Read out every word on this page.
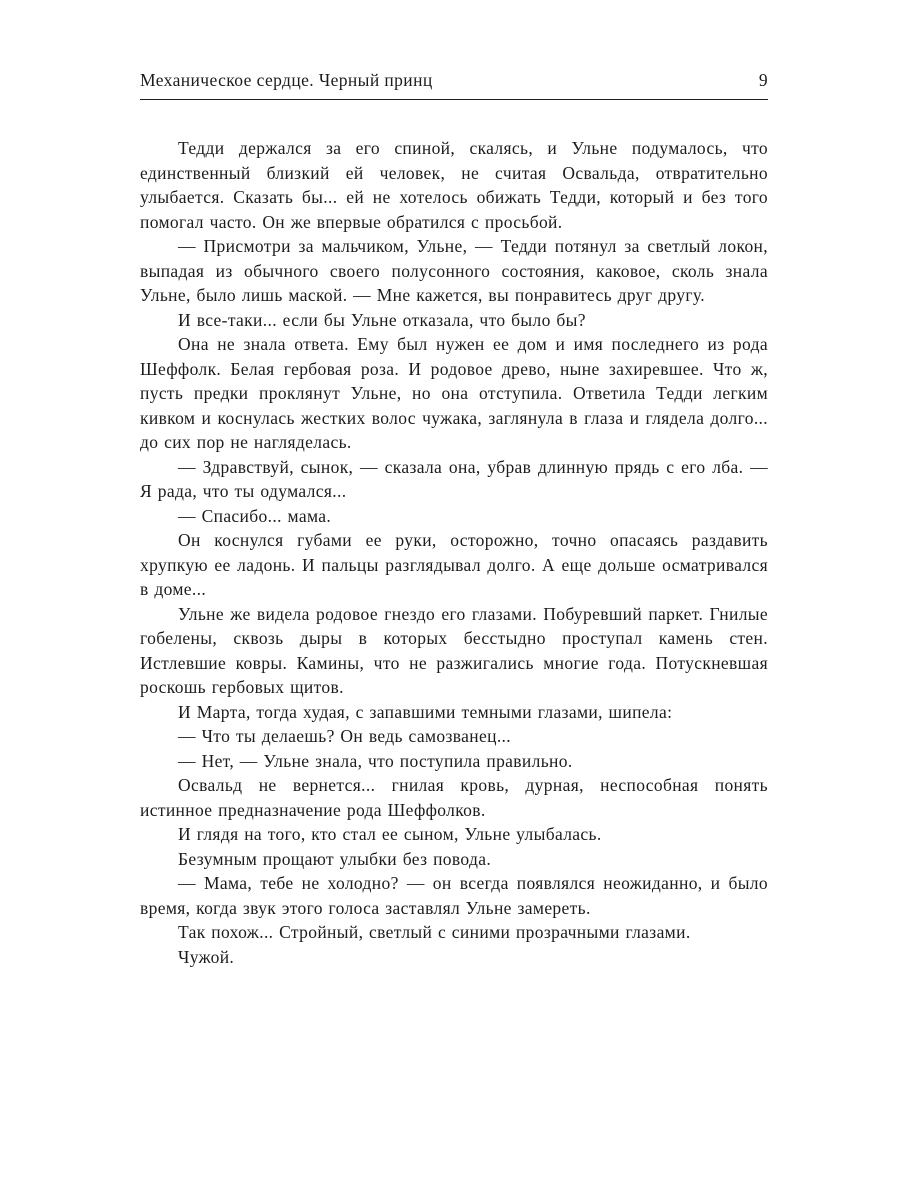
Механическое сердце. Черный принц	9

Тедди держался за его спиной, скалясь, и Ульне подумалось, что единственный близкий ей человек, не считая Освальда, отвратительно улыбается. Сказать бы... ей не хотелось обижать Тедди, который и без того помогал часто. Он же впервые обратился с просьбой.

— Присмотри за мальчиком, Ульне, — Тедди потянул за светлый локон, выпадая из обычного своего полусонного состояния, каковое, сколь знала Ульне, было лишь маской. — Мне кажется, вы понравитесь друг другу.

И все-таки... если бы Ульне отказала, что было бы?

Она не знала ответа. Ему был нужен ее дом и имя последнего из рода Шеффолк. Белая гербовая роза. И родовое древо, ныне захиревшее. Что ж, пусть предки проклянут Ульне, но она отступила. Ответила Тедди легким кивком и коснулась жестких волос чужака, заглянула в глаза и глядела долго... до сих пор не нагляделась.

— Здравствуй, сынок, — сказала она, убрав длинную прядь с его лба. — Я рада, что ты одумался...

— Спасибо... мама.

Он коснулся губами ее руки, осторожно, точно опасаясь раздавить хрупкую ее ладонь. И пальцы разглядывал долго. А еще дольше осматривался в доме...

Ульне же видела родовое гнездо его глазами. Побуревший паркет. Гнилые гобелены, сквозь дыры в которых бесстыдно проступал камень стен. Истлевшие ковры. Камины, что не разжигались многие года. Потускневшая роскошь гербовых щитов.

И Марта, тогда худая, с запавшими темными глазами, шипела:

— Что ты делаешь? Он ведь самозванец...

— Нет, — Ульне знала, что поступила правильно.

Освальд не вернется... гнилая кровь, дурная, неспособная понять истинное предназначение рода Шеффолков.

И глядя на того, кто стал ее сыном, Ульне улыбалась.

Безумным прощают улыбки без повода.

— Мама, тебе не холодно? — он всегда появлялся неожиданно, и было время, когда звук этого голоса заставлял Ульне замереть.

Так похож... Стройный, светлый с синими прозрачными глазами.

Чужой.
